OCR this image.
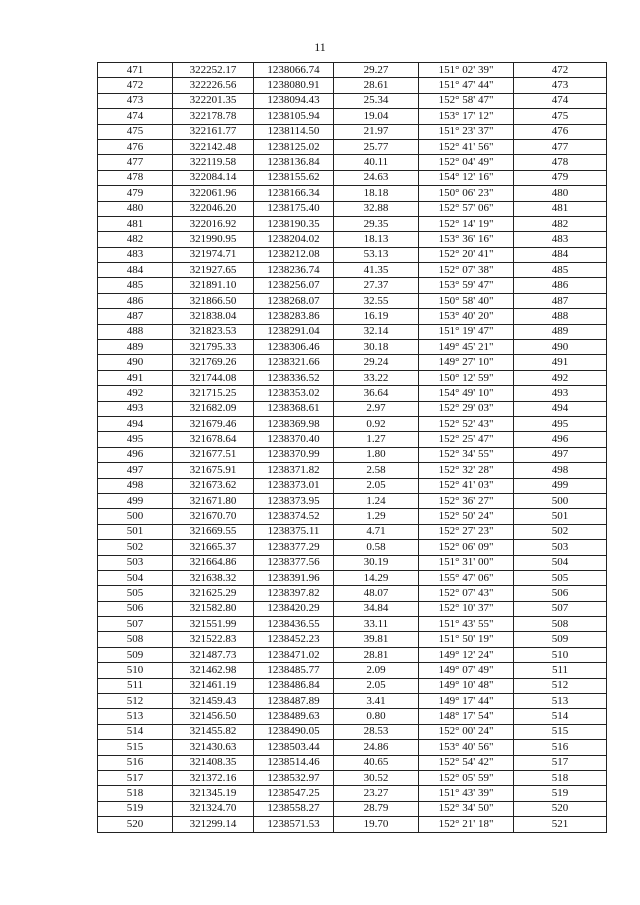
11
471	322252.17	1238066.74	29.27	151° 02' 39"	472
472	322226.56	1238080.91	28.61	151° 47' 44"	473
473	322201.35	1238094.43	25.34	152° 58' 47"	474
474	322178.78	1238105.94	19.04	153° 17' 12"	475
475	322161.77	1238114.50	21.97	151° 23' 37"	476
476	322142.48	1238125.02	25.77	152° 41' 56"	477
477	322119.58	1238136.84	40.11	152° 04' 49"	478
478	322084.14	1238155.62	24.63	154° 12' 16"	479
479	322061.96	1238166.34	18.18	150° 06' 23"	480
480	322046.20	1238175.40	32.88	152° 57' 06"	481
481	322016.92	1238190.35	29.35	152° 14' 19"	482
482	321990.95	1238204.02	18.13	153° 36' 16"	483
483	321974.71	1238212.08	53.13	152° 20' 41"	484
484	321927.65	1238236.74	41.35	152° 07' 38"	485
485	321891.10	1238256.07	27.37	153° 59' 47"	486
486	321866.50	1238268.07	32.55	150° 58' 40"	487
487	321838.04	1238283.86	16.19	153° 40' 20"	488
488	321823.53	1238291.04	32.14	151° 19' 47"	489
489	321795.33	1238306.46	30.18	149° 45' 21"	490
490	321769.26	1238321.66	29.24	149° 27' 10"	491
491	321744.08	1238336.52	33.22	150° 12' 59"	492
492	321715.25	1238353.02	36.64	154° 49' 10"	493
493	321682.09	1238368.61	2.97	152° 29' 03"	494
494	321679.46	1238369.98	0.92	152° 52' 43"	495
495	321678.64	1238370.40	1.27	152° 25' 47"	496
496	321677.51	1238370.99	1.80	152° 34' 55"	497
497	321675.91	1238371.82	2.58	152° 32' 28"	498
498	321673.62	1238373.01	2.05	152° 41' 03"	499
499	321671.80	1238373.95	1.24	152° 36' 27"	500
500	321670.70	1238374.52	1.29	152° 50' 24"	501
501	321669.55	1238375.11	4.71	152° 27' 23"	502
502	321665.37	1238377.29	0.58	152° 06' 09"	503
503	321664.86	1238377.56	30.19	151° 31' 00"	504
504	321638.32	1238391.96	14.29	155° 47' 06"	505
505	321625.29	1238397.82	48.07	152° 07' 43"	506
506	321582.80	1238420.29	34.84	152° 10' 37"	507
507	321551.99	1238436.55	33.11	151° 43' 55"	508
508	321522.83	1238452.23	39.81	151° 50' 19"	509
509	321487.73	1238471.02	28.81	149° 12' 24"	510
510	321462.98	1238485.77	2.09	149° 07' 49"	511
511	321461.19	1238486.84	2.05	149° 10' 48"	512
512	321459.43	1238487.89	3.41	149° 17' 44"	513
513	321456.50	1238489.63	0.80	148° 17' 54"	514
514	321455.82	1238490.05	28.53	152° 00' 24"	515
515	321430.63	1238503.44	24.86	153° 40' 56"	516
516	321408.35	1238514.46	40.65	152° 54' 42"	517
517	321372.16	1238532.97	30.52	152° 05' 59"	518
518	321345.19	1238547.25	23.27	151° 43' 39"	519
519	321324.70	1238558.27	28.79	152° 34' 50"	520
520	321299.14	1238571.53	19.70	152° 21' 18"	521
